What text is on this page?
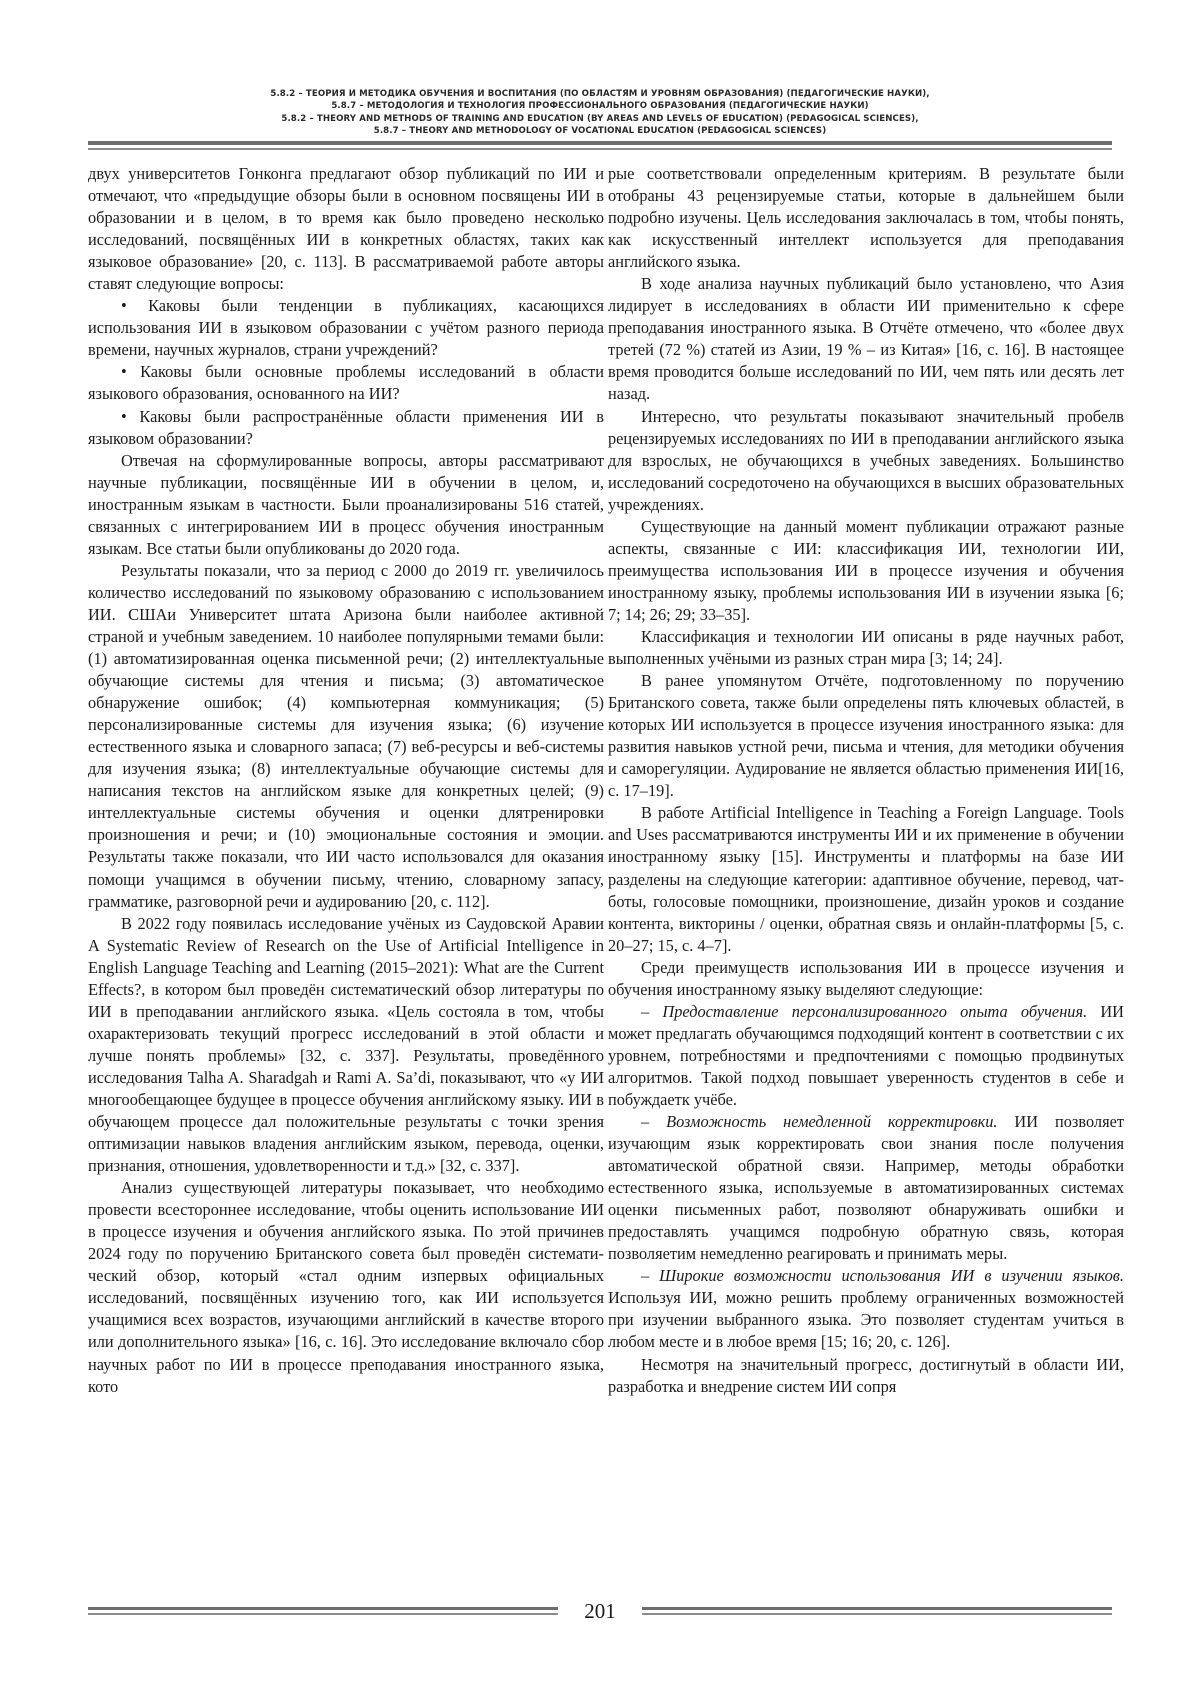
5.8.2 – ТЕОРИЯ И МЕТОДИКА ОБУЧЕНИЯ И ВОСПИТАНИЯ (ПО ОБЛАСТЯМ И УРОВНЯМ ОБРАЗОВАНИЯ) (ПЕДАГОГИЧЕСКИЕ НАУКИ),
5.8.7 – МЕТОДОЛОГИЯ И ТЕХНОЛОГИЯ ПРОФЕССИОНАЛЬНОГО ОБРАЗОВАНИЯ (ПЕДАГОГИЧЕСКИЕ НАУКИ)
5.8.2 – THEORY AND METHODS OF TRAINING AND EDUCATION (BY AREAS AND LEVELS OF EDUCATION) (PEDAGOGICAL SCIENCES),
5.8.7 – THEORY AND METHODOLOGY OF VOCATIONAL EDUCATION (PEDAGOGICAL SCIENCES)

двух университетов Гонконга предлагают обзор публикаций по ИИ и отмечают, что «предыдущие обзоры были в основном посвящены ИИ в образовании и в целом, в то время как было проведено несколько исследований, посвящённых ИИ в конкретных областях, таких как языковое образование» [20, с. 113]. В рассматриваемой работе авторы ставят следующие вопросы:

• Каковы были тенденции в публикациях, касающихся использования ИИ в языковом образовании с учётом разного периода времени, научных журналов, страни учреждений?

• Каковы были основные проблемы исследований в области языкового образования, основанного на ИИ?

• Каковы были распространённые области применения ИИ в языковом образовании?

Отвечая на сформулированные вопросы, авторы рассматривают научные публикации, посвящённые ИИ в обучении в целом, и, иностранным языкам в частности. Были проанализированы 516 статей, связанных с интегрированием ИИ в процесс обучения иностранным языкам. Все статьи были опубликованы до 2020 года.

Результаты показали, что за период с 2000 до 2019 гг. увеличилось количество исследований по языковому образованию с использованием ИИ. СШАи Университет штата Аризона были наиболее активной страной и учебным заведением. 10 наиболее популярными темами были: (1) автоматизированная оценка письменной речи; (2) интеллектуальные обучающие системы для чтения и письма; (3) автоматическое обнаружение ошибок; (4) компьютерная коммуникация; (5) персонализированные системы для изучения языка; (6) изучение естественного языка и словарного запаса; (7) веб-ресурсы и веб-системы для изучения языка; (8) интеллектуальные обучающие системы для написания текстов на английском языке для конкретных целей; (9) интеллектуальные системы обучения и оценки длятренировки произношения и речи; и (10) эмоциональные состояния и эмоции. Результаты также показали, что ИИ часто использовался для оказания помощи учащимся в обучении письму, чтению, словарному запасу, грамматике, разговорной речи и аудированию [20, с. 112].

В 2022 году появилась исследование учёных из Саудовской Аравии A Systematic Review of Research on the Use of Artificial Intelligence in English Language Teaching and Learning (2015–2021): What are the Current Effects?, в котором был проведён систематический обзор литературы по ИИ в преподавании английского языка. «Цель состояла в том, чтобы охарактеризовать текущий прогресс исследований в этой области и лучше понять проблемы» [32, с. 337]. Результаты, проведённого исследования Talha A. Sharadgah и Rami A. Sa’di, показывают, что «у ИИ многообещающее будущее в процессе обучения английскому языку. ИИ в обучающем процессе дал положительные результаты с точки зрения оптимизации навыков владения английским языком, перевода, оценки, признания, отношения, удовлетворенности и т.д.» [32, с. 337].

Анализ существующей литературы показывает, что необходимо провести всестороннее исследование, чтобы оценить использование ИИ в процессе изучения и обучения английского языка. По этой причинев 2024 году по поручению Британского совета был проведён систематический обзор, который «стал одним изпервых официальных исследований, посвящённых изучению того, как ИИ используется учащимися всех возрастов, изучающими английский в качестве второго или дополнительного языка» [16, с. 16]. Это исследование включало сбор научных работ по ИИ в процессе преподавания иностранного языка, кото

рые соответствовали определенным критериям. В результате были отобраны 43 рецензируемые статьи, которые в дальнейшем были подробно изучены. Цель исследования заключалась в том, чтобы понять, как искусственный интеллект используется для преподавания английского языка.

В ходе анализа научных публикаций было установлено, что Азия лидирует в исследованиях в области ИИ применительно к сфере преподавания иностранного языка. В Отчёте отмечено, что «более двух третей (72 %) статей из Азии, 19 % – из Китая» [16, с. 16]. В настоящее время проводится больше исследований по ИИ, чем пять или десять лет назад.

Интересно, что результаты показывают значительный пробелв рецензируемых исследованиях по ИИ в преподавании английского языка для взрослых, не обучающихся в учебных заведениях. Большинство исследований сосредоточено на обучающихся в высших образовательных учреждениях.

Существующие на данный момент публикации отражают разные аспекты, связанные с ИИ: классификация ИИ, технологии ИИ, преимущества использования ИИ в процессе изучения и обучения иностранному языку, проблемы использования ИИ в изучении языка [6; 7; 14; 26; 29; 33–35].

Классификация и технологии ИИ описаны в ряде научных работ, выполненных учёными из разных стран мира [3; 14; 24].

В ранее упомянутом Отчёте, подготовленному по поручению Британского совета, также были определены пять ключевых областей, в которых ИИ используется в процессе изучения иностранного языка: для развития навыков устной речи, письма и чтения, для методики обучения и саморегуляции. Аудирование не является областью применения ИИ[16, с. 17–19].

В работе Artificial Intelligence in Teaching a Foreign Language. Tools and Uses рассматриваются инструменты ИИ и их применение в обучении иностранному языку [15]. Инструменты и платформы на базе ИИ разделены на следующие категории: адаптивное обучение, перевод, чат-боты, голосовые помощники, произношение, дизайн уроков и создание контента, викторины / оценки, обратная связь и онлайн-платформы [5, с. 20–27; 15, с. 4–7].

Среди преимуществ использования ИИ в процессе изучения и обучения иностранному языку выделяют следующие:

– Предоставление персонализированного опыта обучения. ИИ может предлагать обучающимся подходящий контент в соответствии с их уровнем, потребностями и предпочтениями с помощью продвинутых алгоритмов. Такой подход повышает уверенность студентов в себе и побуждаетк учёбе.

– Возможность немедленной корректировки. ИИ позволяет изучающим язык корректировать свои знания после получения автоматической обратной связи. Например, методы обработки естественного языка, используемые в автоматизированных системах оценки письменных работ, позволяют обнаруживать ошибки и предоставлять учащимся подробную обратную связь, которая позволяетим немедленно реагировать и принимать меры.

– Широкие возможности использования ИИ в изучении языков. Используя ИИ, можно решить проблему ограниченных возможностей при изучении выбранного языка. Это позволяет студентам учиться в любом месте и в любое время [15; 16; 20, с. 126].

Несмотря на значительный прогресс, достигнутый в области ИИ, разработка и внедрение систем ИИ сопря

201
